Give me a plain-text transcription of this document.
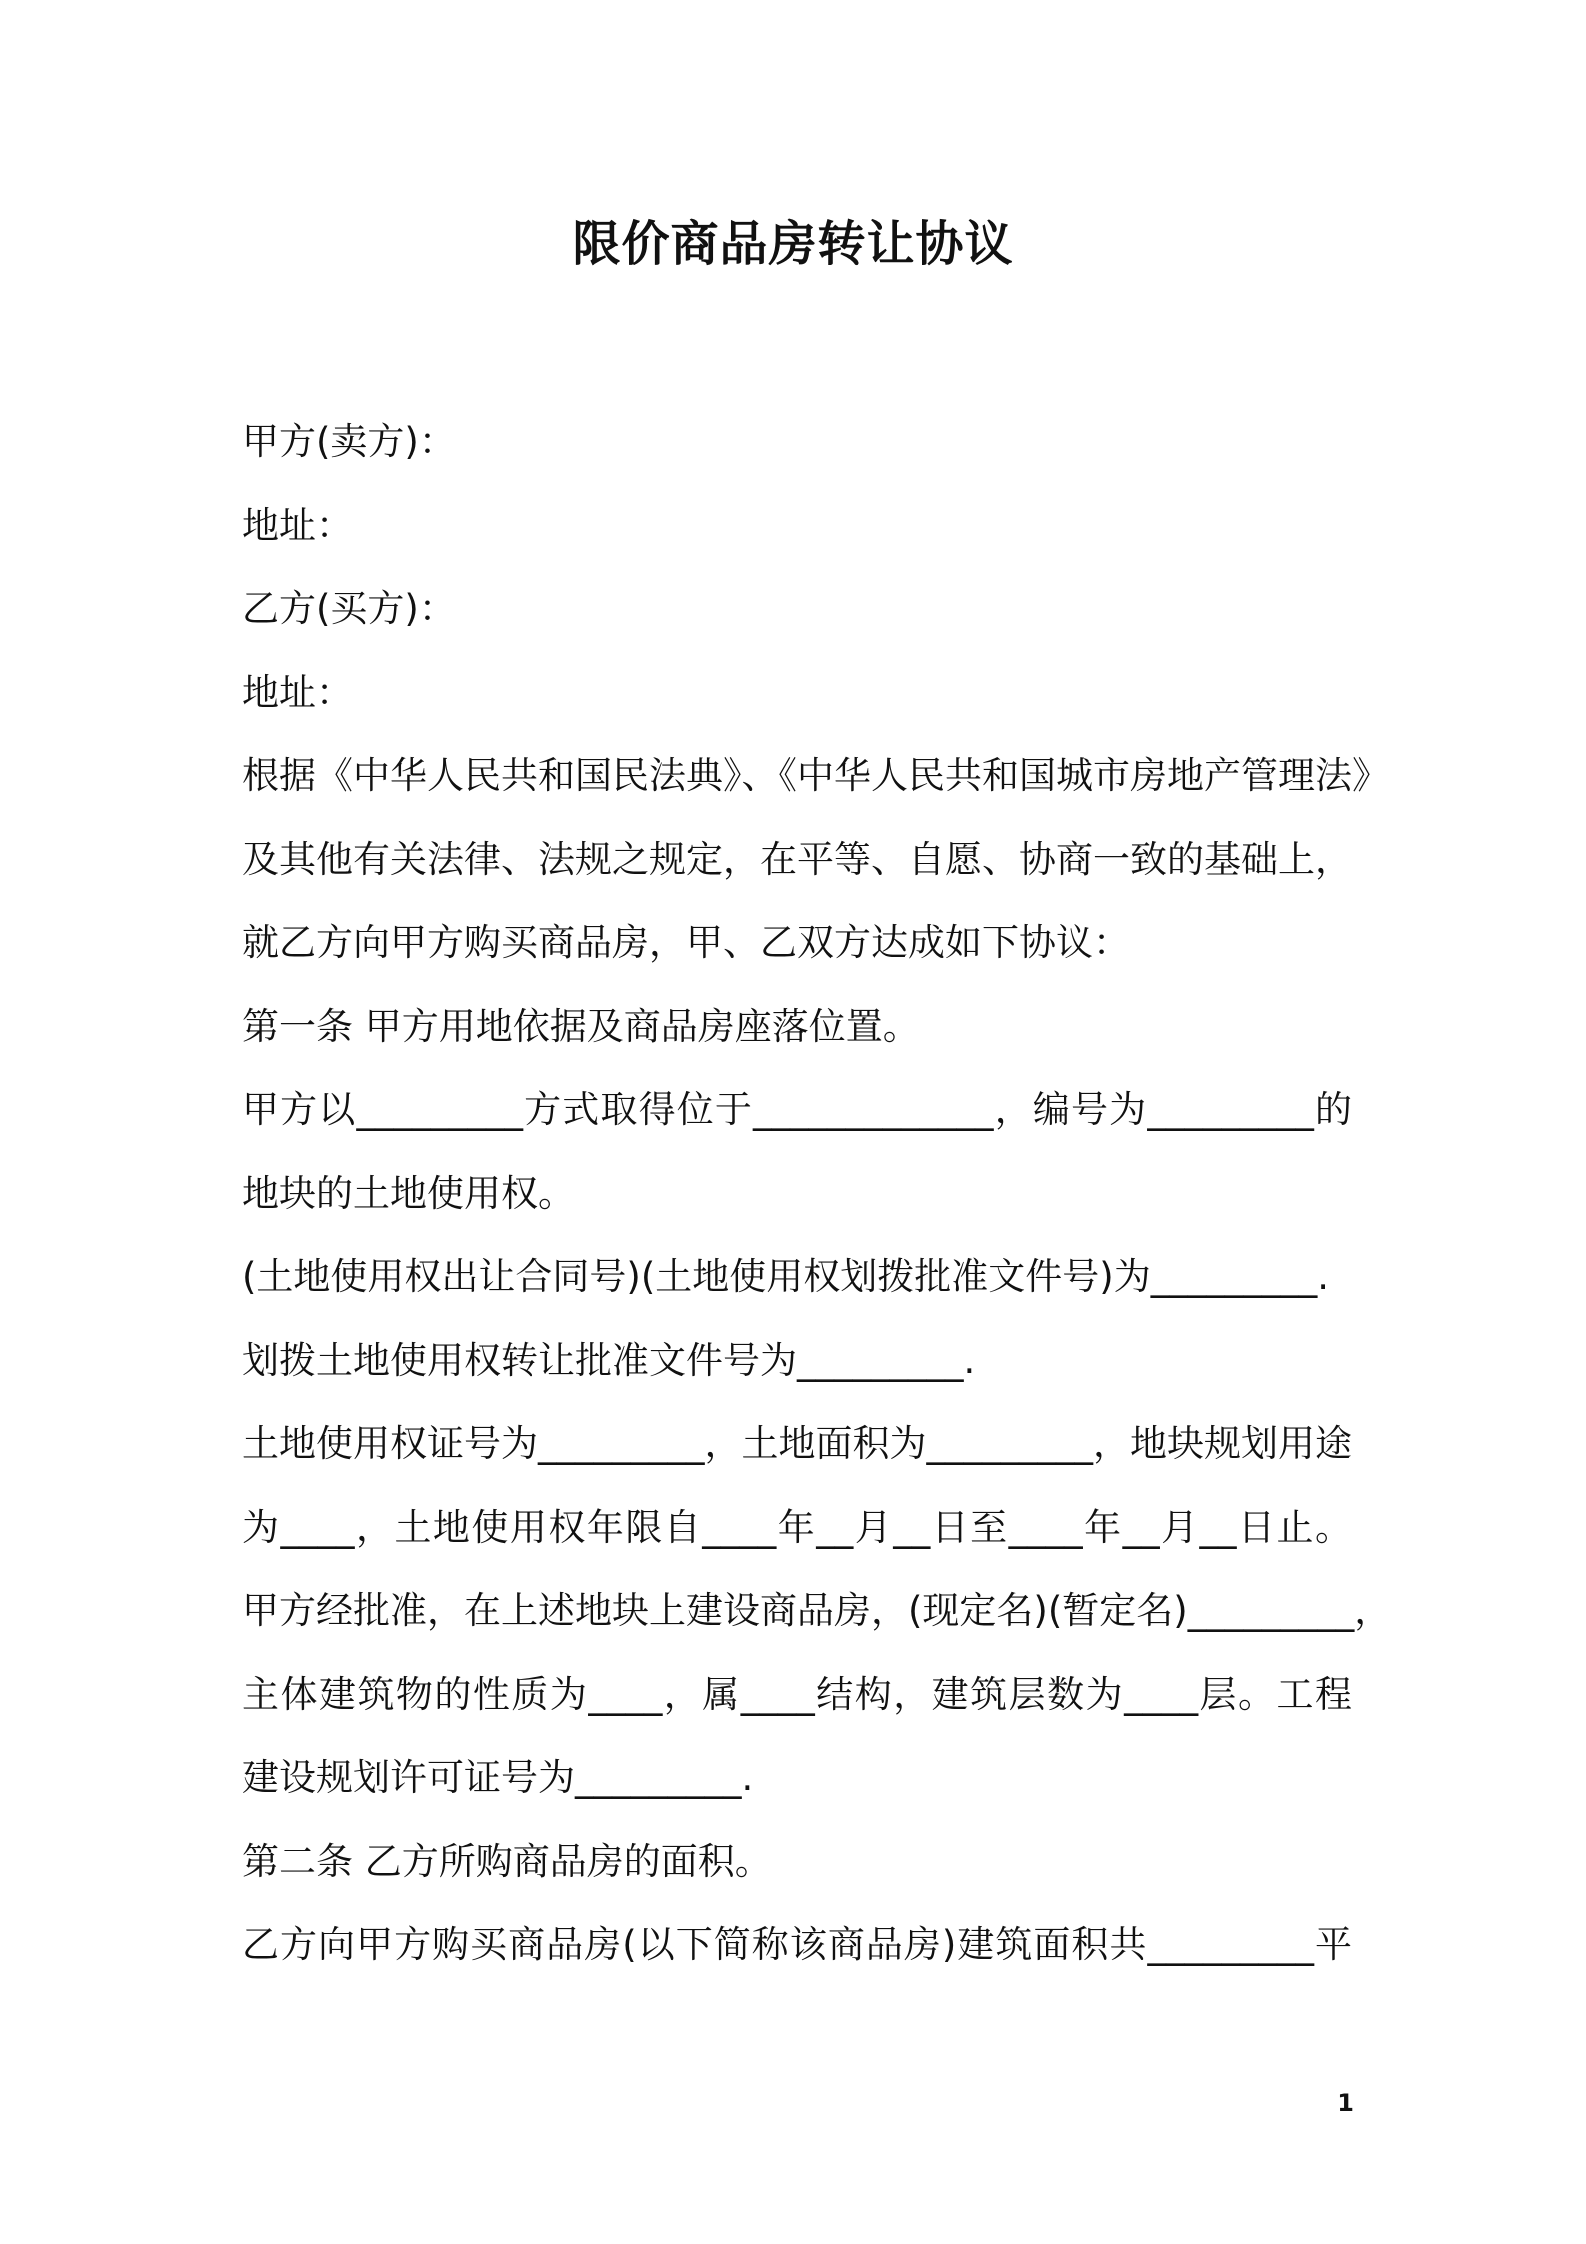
限价商品房转让协议
甲方(卖方)：
地址：
乙方(买方)：
地址：
根据《中华人民共和国民法典》、《中华人民共和国城市房地产管理法》
及其他有关法律、法规之规定，在平等、自愿、协商一致的基础上，
就乙方向甲方购买商品房，甲、乙双方达成如下协议：
第一条 甲方用地依据及商品房座落位置。
甲方以_________方式取得位于_____________，编号为_________的
地块的土地使用权。
(土地使用权出让合同号)(土地使用权划拨批准文件号)为_________.
划拨土地使用权转让批准文件号为_________.
土地使用权证号为_________，土地面积为_________，地块规划用途
为____，土地使用权年限自____年__月__日至____年__月__日止。
甲方经批准，在上述地块上建设商品房，(现定名)(暂定名)_________，
主体建筑物的性质为____，属____结构，建筑层数为____层。工程
建设规划许可证号为_________.
第二条 乙方所购商品房的面积。
乙方向甲方购买商品房(以下简称该商品房)建筑面积共_________平
1
